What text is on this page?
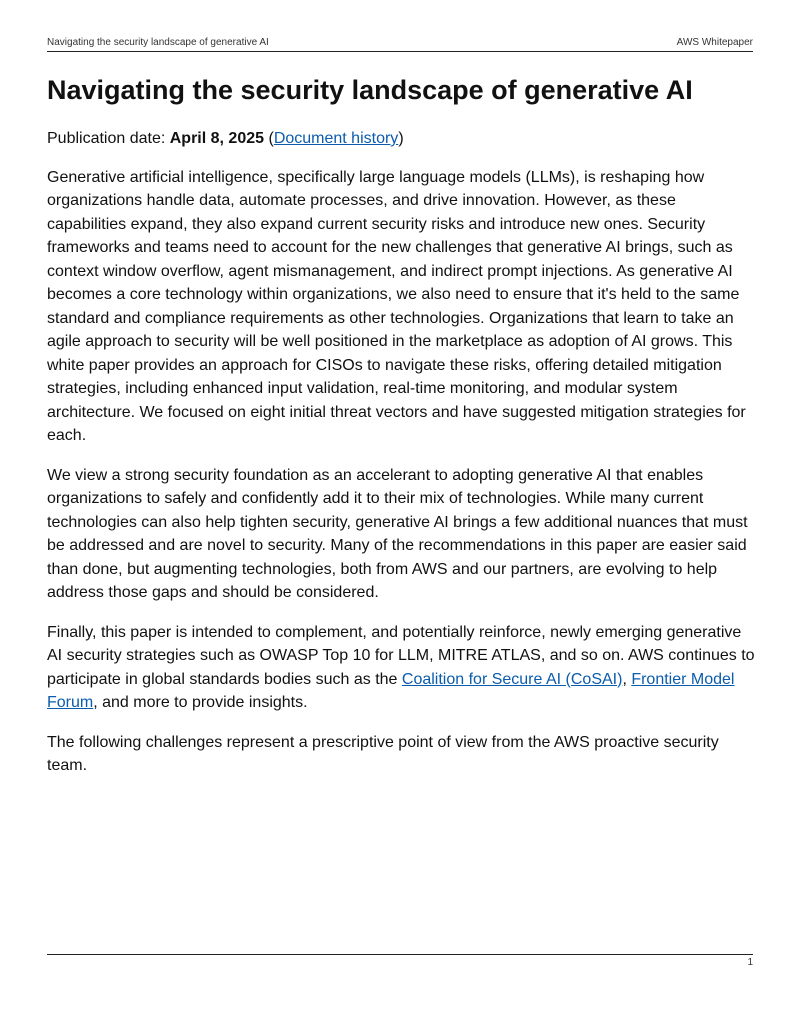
Navigating the security landscape of generative AI	AWS Whitepaper
Navigating the security landscape of generative AI

Publication date: April 8, 2025 (Document history)

Generative artificial intelligence, specifically large language models (LLMs), is reshaping how organizations handle data, automate processes, and drive innovation. However, as these capabilities expand, they also expand current security risks and introduce new ones. Security frameworks and teams need to account for the new challenges that generative AI brings, such as context window overflow, agent mismanagement, and indirect prompt injections. As generative AI becomes a core technology within organizations, we also need to ensure that it's held to the same standard and compliance requirements as other technologies. Organizations that learn to take an agile approach to security will be well positioned in the marketplace as adoption of AI grows. This white paper provides an approach for CISOs to navigate these risks, offering detailed mitigation strategies, including enhanced input validation, real-time monitoring, and modular system architecture. We focused on eight initial threat vectors and have suggested mitigation strategies for each.

We view a strong security foundation as an accelerant to adopting generative AI that enables organizations to safely and confidently add it to their mix of technologies. While many current technologies can also help tighten security, generative AI brings a few additional nuances that must be addressed and are novel to security. Many of the recommendations in this paper are easier said than done, but augmenting technologies, both from AWS and our partners, are evolving to help address those gaps and should be considered.

Finally, this paper is intended to complement, and potentially reinforce, newly emerging generative AI security strategies such as OWASP Top 10 for LLM, MITRE ATLAS, and so on. AWS continues to participate in global standards bodies such as the Coalition for Secure AI (CoSAI), Frontier Model Forum, and more to provide insights.

The following challenges represent a prescriptive point of view from the AWS proactive security team.

1
